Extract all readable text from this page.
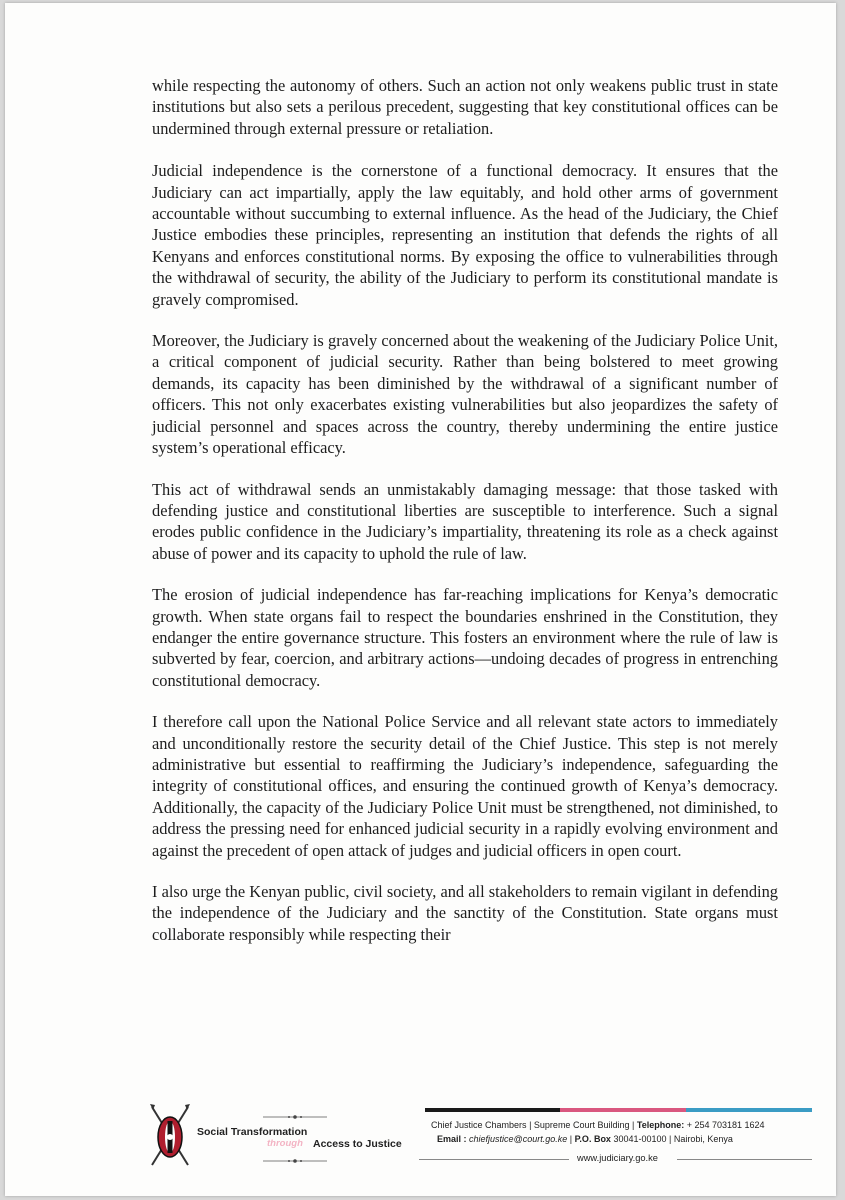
while respecting the autonomy of others. Such an action not only weakens public trust in state institutions but also sets a perilous precedent, suggesting that key constitutional offices can be undermined through external pressure or retaliation.

Judicial independence is the cornerstone of a functional democracy. It ensures that the Judiciary can act impartially, apply the law equitably, and hold other arms of government accountable without succumbing to external influence. As the head of the Judiciary, the Chief Justice embodies these principles, representing an institution that defends the rights of all Kenyans and enforces constitutional norms. By exposing the office to vulnerabilities through the withdrawal of security, the ability of the Judiciary to perform its constitutional mandate is gravely compromised.

Moreover, the Judiciary is gravely concerned about the weakening of the Judiciary Police Unit, a critical component of judicial security. Rather than being bolstered to meet growing demands, its capacity has been diminished by the withdrawal of a significant number of officers. This not only exacerbates existing vulnerabilities but also jeopardizes the safety of judicial personnel and spaces across the country, thereby undermining the entire justice system’s operational efficacy.

This act of withdrawal sends an unmistakably damaging message: that those tasked with defending justice and constitutional liberties are susceptible to interference. Such a signal erodes public confidence in the Judiciary’s impartiality, threatening its role as a check against abuse of power and its capacity to uphold the rule of law.

The erosion of judicial independence has far-reaching implications for Kenya’s democratic growth. When state organs fail to respect the boundaries enshrined in the Constitution, they endanger the entire governance structure. This fosters an environment where the rule of law is subverted by fear, coercion, and arbitrary actions—undoing decades of progress in entrenching constitutional democracy.

I therefore call upon the National Police Service and all relevant state actors to immediately and unconditionally restore the security detail of the Chief Justice. This step is not merely administrative but essential to reaffirming the Judiciary’s independence, safeguarding the integrity of constitutional offices, and ensuring the continued growth of Kenya’s democracy. Additionally, the capacity of the Judiciary Police Unit must be strengthened, not diminished, to address the pressing need for enhanced judicial security in a rapidly evolving environment and against the precedent of open attack of judges and judicial officers in open court.

I also urge the Kenyan public, civil society, and all stakeholders to remain vigilant in defending the independence of the Judiciary and the sanctity of the Constitution. State organs must collaborate responsibly while respecting their

Social Transformation
through Access to Justice
Chief Justice Chambers | Supreme Court Building | Telephone: + 254 703181 1624
Email : chiefjustice@court.go.ke | P.O. Box 30041-00100 | Nairobi, Kenya
www.judiciary.go.ke
